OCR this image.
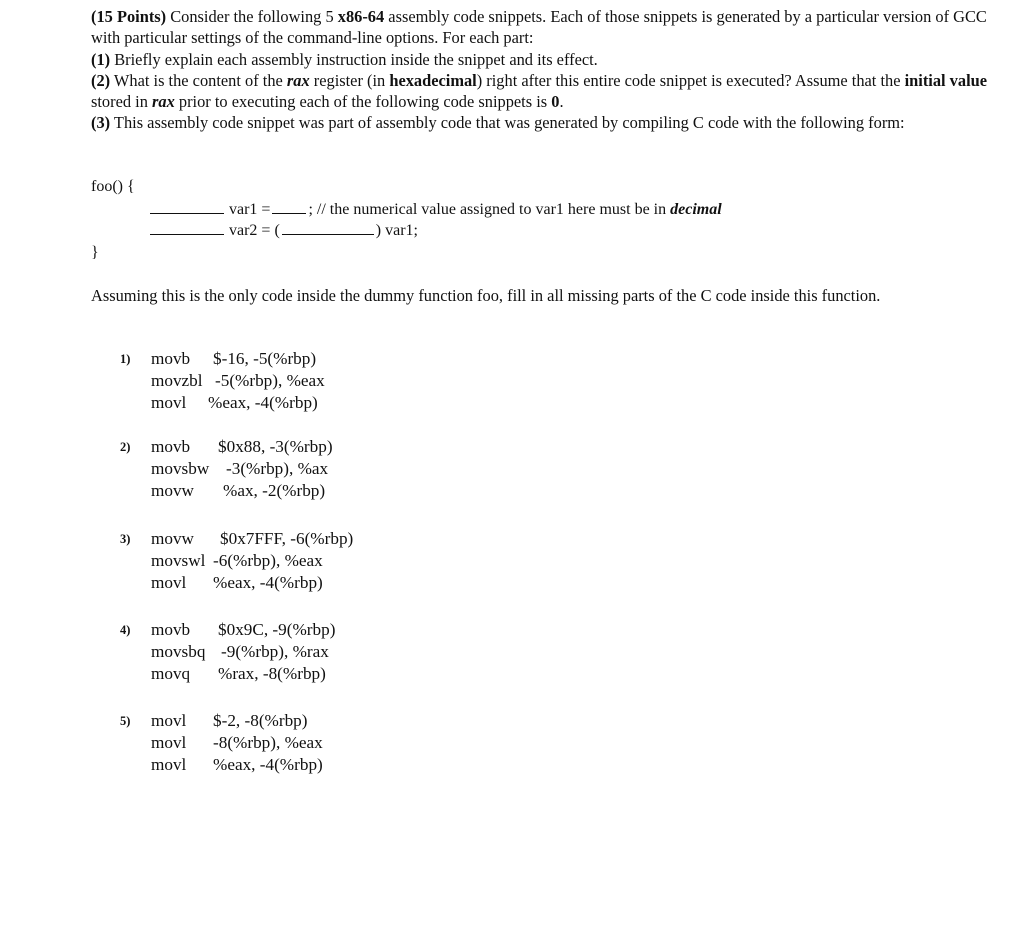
(15 Points) Consider the following 5 x86-64 assembly code snippets. Each of those snippets is generated by a particular version of GCC with particular settings of the command-line options. For each part:

(1) Briefly explain each assembly instruction inside the snippet and its effect.

(2) What is the content of the rax register (in hexadecimal) right after this entire code snippet is executed? Assume that the initial value stored in rax prior to executing each of the following code snippets is 0.

(3) This assembly code snippet was part of assembly code that was generated by compiling C code with the following form:

foo() {
var1 = ; // the numerical value assigned to var1 here must be in decimal
var2 = (	) var1;
}

Assuming this is the only code inside the dummy function foo, fill in all missing parts of the C code inside this function.

1) movb $-16, -5(%rbp)
movzbl -5(%rbp), %eax
movl %eax, -4(%rbp)
2) movb $0x88, -3(%rbp)
movsbw -3(%rbp), %ax
movw %ax, -2(%rbp)
3) movw $0x7FFF, -6(%rbp)
movswl -6(%rbp), %eax
movl %eax, -4(%rbp)
4) movb $0x9C, -9(%rbp)
movsbq -9(%rbp), %rax
movq %rax, -8(%rbp)
5) movl $-2, -8(%rbp)
movl -8(%rbp), %eax
movl %eax, -4(%rbp)
